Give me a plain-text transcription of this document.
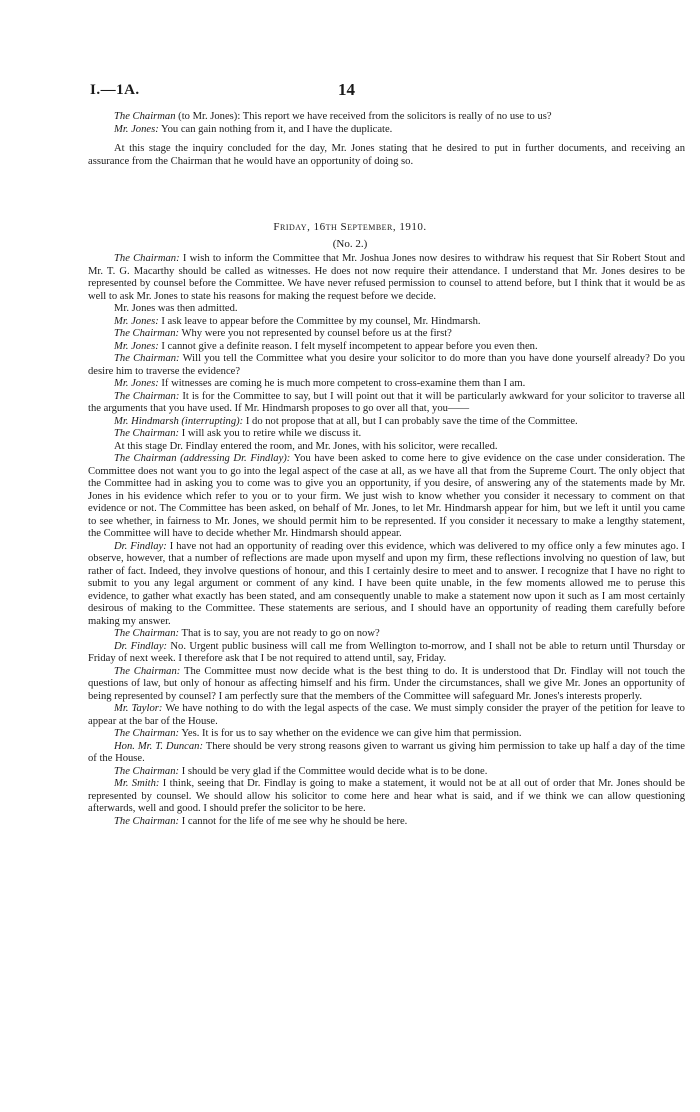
I.—1A.	14

The Chairman (to Mr. Jones): This report we have received from the solicitors is really of no use to us?

Mr. Jones: You can gain nothing from it, and I have the duplicate.

At this stage the inquiry concluded for the day, Mr. Jones stating that he desired to put in further documents, and receiving an assurance from the Chairman that he would have an opportunity of doing so.

Friday, 16th September, 1910.
(No. 2.)

The Chairman: I wish to inform the Committee that Mr. Joshua Jones now desires to withdraw his request that Sir Robert Stout and Mr. T. G. Macarthy should be called as witnesses. He does not now require their attendance. I understand that Mr. Jones desires to be represented by counsel before the Committee. We have never refused permission to counsel to attend before, but I think that it would be as well to ask Mr. Jones to state his reasons for making the request before we decide.

Mr. Jones was then admitted.

Mr. Jones: I ask leave to appear before the Committee by my counsel, Mr. Hindmarsh.

The Chairman: Why were you not represented by counsel before us at the first?

Mr. Jones: I cannot give a definite reason. I felt myself incompetent to appear before you even then.

The Chairman: Will you tell the Committee what you desire your solicitor to do more than you have done yourself already? Do you desire him to traverse the evidence?

Mr. Jones: If witnesses are coming he is much more competent to cross-examine them than I am.

The Chairman: It is for the Committee to say, but I will point out that it will be particularly awkward for your solicitor to traverse all the arguments that you have used. If Mr. Hindmarsh proposes to go over all that, you——

Mr. Hindmarsh (interrupting): I do not propose that at all, but I can probably save the time of the Committee.

The Chairman: I will ask you to retire while we discuss it.

At this stage Dr. Findlay entered the room, and Mr. Jones, with his solicitor, were recalled.

The Chairman (addressing Dr. Findlay): You have been asked to come here to give evidence on the case under consideration. The Committee does not want you to go into the legal aspect of the case at all, as we have all that from the Supreme Court. The only object that the Committee had in asking you to come was to give you an opportunity, if you desire, of answering any of the statements made by Mr. Jones in his evidence which refer to you or to your firm. We just wish to know whether you consider it necessary to comment on that evidence or not. The Committee has been asked, on behalf of Mr. Jones, to let Mr. Hindmarsh appear for him, but we left it until you came to see whether, in fairness to Mr. Jones, we should permit him to be represented. If you consider it necessary to make a lengthy statement, the Committee will have to decide whether Mr. Hindmarsh should appear.

Dr. Findlay: I have not had an opportunity of reading over this evidence, which was delivered to my office only a few minutes ago. I observe, however, that a number of reflections are made upon myself and upon my firm, these reflections involving no question of law, but rather of fact. Indeed, they involve questions of honour, and this I certainly desire to meet and to answer. I recognize that I have no right to submit to you any legal argument or comment of any kind. I have been quite unable, in the few moments allowed me to peruse this evidence, to gather what exactly has been stated, and am consequently unable to make a statement now upon it such as I am most certainly desirous of making to the Committee. These statements are serious, and I should have an opportunity of reading them carefully before making my answer.

The Chairman: That is to say, you are not ready to go on now?

Dr. Findlay: No. Urgent public business will call me from Wellington to-morrow, and I shall not be able to return until Thursday or Friday of next week. I therefore ask that I be not required to attend until, say, Friday.

The Chairman: The Committee must now decide what is the best thing to do. It is understood that Dr. Findlay will not touch the questions of law, but only of honour as affecting himself and his firm. Under the circumstances, shall we give Mr. Jones an opportunity of being represented by counsel? I am perfectly sure that the members of the Committee will safeguard Mr. Jones's interests properly.

Mr. Taylor: We have nothing to do with the legal aspects of the case. We must simply consider the prayer of the petition for leave to appear at the bar of the House.

The Chairman: Yes. It is for us to say whether on the evidence we can give him that permission.

Hon. Mr. T. Duncan: There should be very strong reasons given to warrant us giving him permission to take up half a day of the time of the House.

The Chairman: I should be very glad if the Committee would decide what is to be done.

Mr. Smith: I think, seeing that Dr. Findlay is going to make a statement, it would not be at all out of order that Mr. Jones should be represented by counsel. We should allow his solicitor to come here and hear what is said, and if we think we can allow questioning afterwards, well and good. I should prefer the solicitor to be here.

The Chairman: I cannot for the life of me see why he should be here.
